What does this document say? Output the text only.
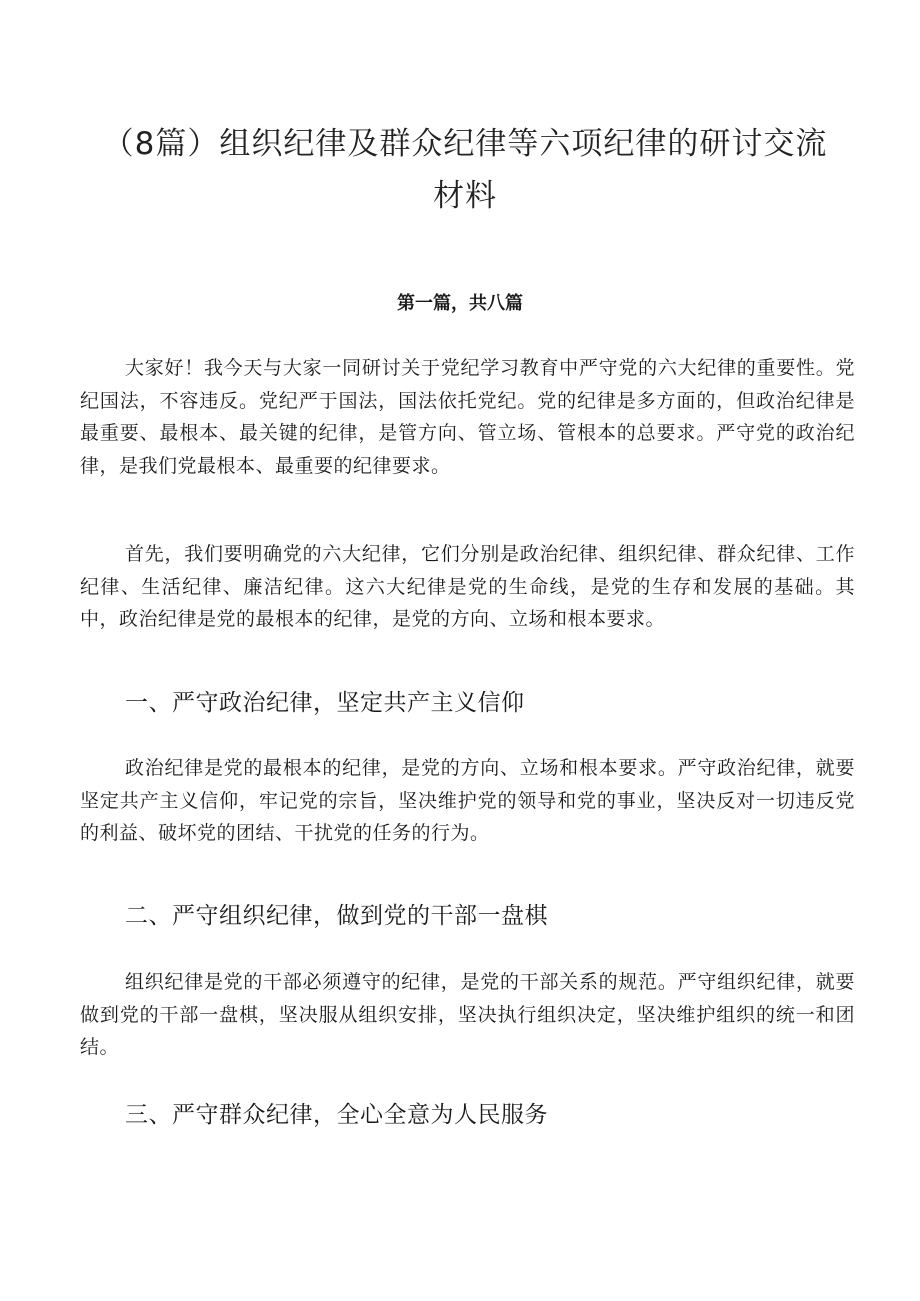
（8篇）组织纪律及群众纪律等六项纪律的研讨交流材料
第一篇，共八篇

大家好！我今天与大家一同研讨关于党纪学习教育中严守党的六大纪律的重要性。党纪国法，不容违反。党纪严于国法，国法依托党纪。党的纪律是多方面的，但政治纪律是最重要、最根本、最关键的纪律，是管方向、管立场、管根本的总要求。严守党的政治纪律，是我们党最根本、最重要的纪律要求。

首先，我们要明确党的六大纪律，它们分别是政治纪律、组织纪律、群众纪律、工作纪律、生活纪律、廉洁纪律。这六大纪律是党的生命线，是党的生存和发展的基础。其中，政治纪律是党的最根本的纪律，是党的方向、立场和根本要求。

一、严守政治纪律，坚定共产主义信仰

政治纪律是党的最根本的纪律，是党的方向、立场和根本要求。严守政治纪律，就要坚定共产主义信仰，牢记党的宗旨，坚决维护党的领导和党的事业，坚决反对一切违反党的利益、破坏党的团结、干扰党的任务的行为。

二、严守组织纪律，做到党的干部一盘棋

组织纪律是党的干部必须遵守的纪律，是党的干部关系的规范。严守组织纪律，就要做到党的干部一盘棋，坚决服从组织安排，坚决执行组织决定，坚决维护组织的统一和团结。

三、严守群众纪律，全心全意为人民服务
